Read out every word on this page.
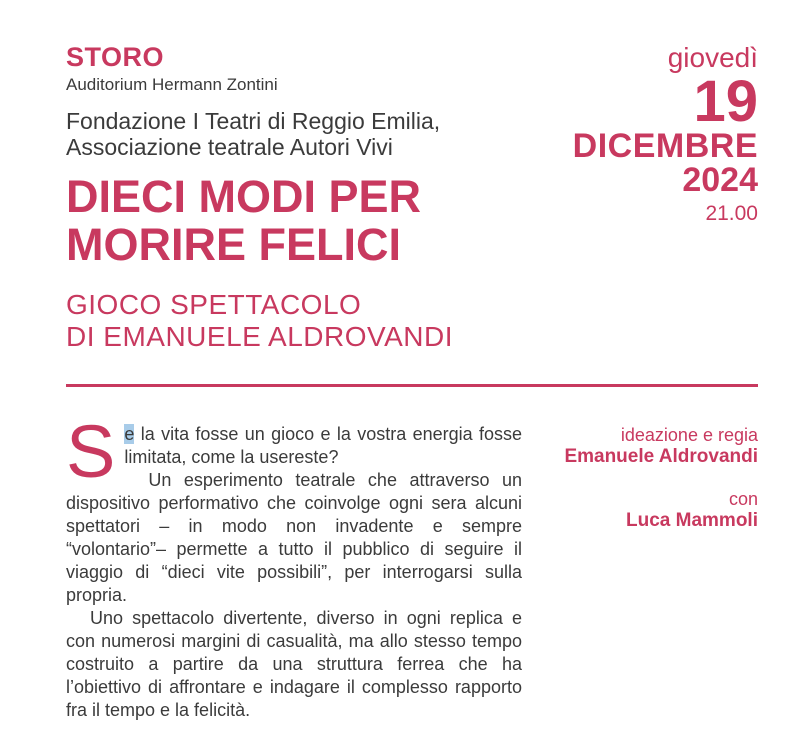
STORO
Auditorium Hermann Zontini
Fondazione I Teatri di Reggio Emilia,
Associazione teatrale Autori Vivi
giovedì
19
DICEMBRE
2024
21.00
DIECI MODI PER
MORIRE FELICI
GIOCO SPETTACOLO
DI EMANUELE ALDROVANDI

Se la vita fosse un gioco e la vostra energia fosse limitata, come la usereste?

Un esperimento teatrale che attraverso un dispositivo performativo che coinvolge ogni sera alcuni spettatori – in modo non invadente e sempre “volontario”– permette a tutto il pubblico di seguire il viaggio di “dieci vite possibili”, per interrogarsi sulla propria.

Uno spettacolo divertente, diverso in ogni replica e con numerosi margini di casualità, ma allo stesso tempo costruito a partire da una struttura ferrea che ha l’obiettivo di affrontare e indagare il complesso rapporto fra il tempo e la felicità.

ideazione e regia
Emanuele Aldrovandi
con
Luca Mammoli
